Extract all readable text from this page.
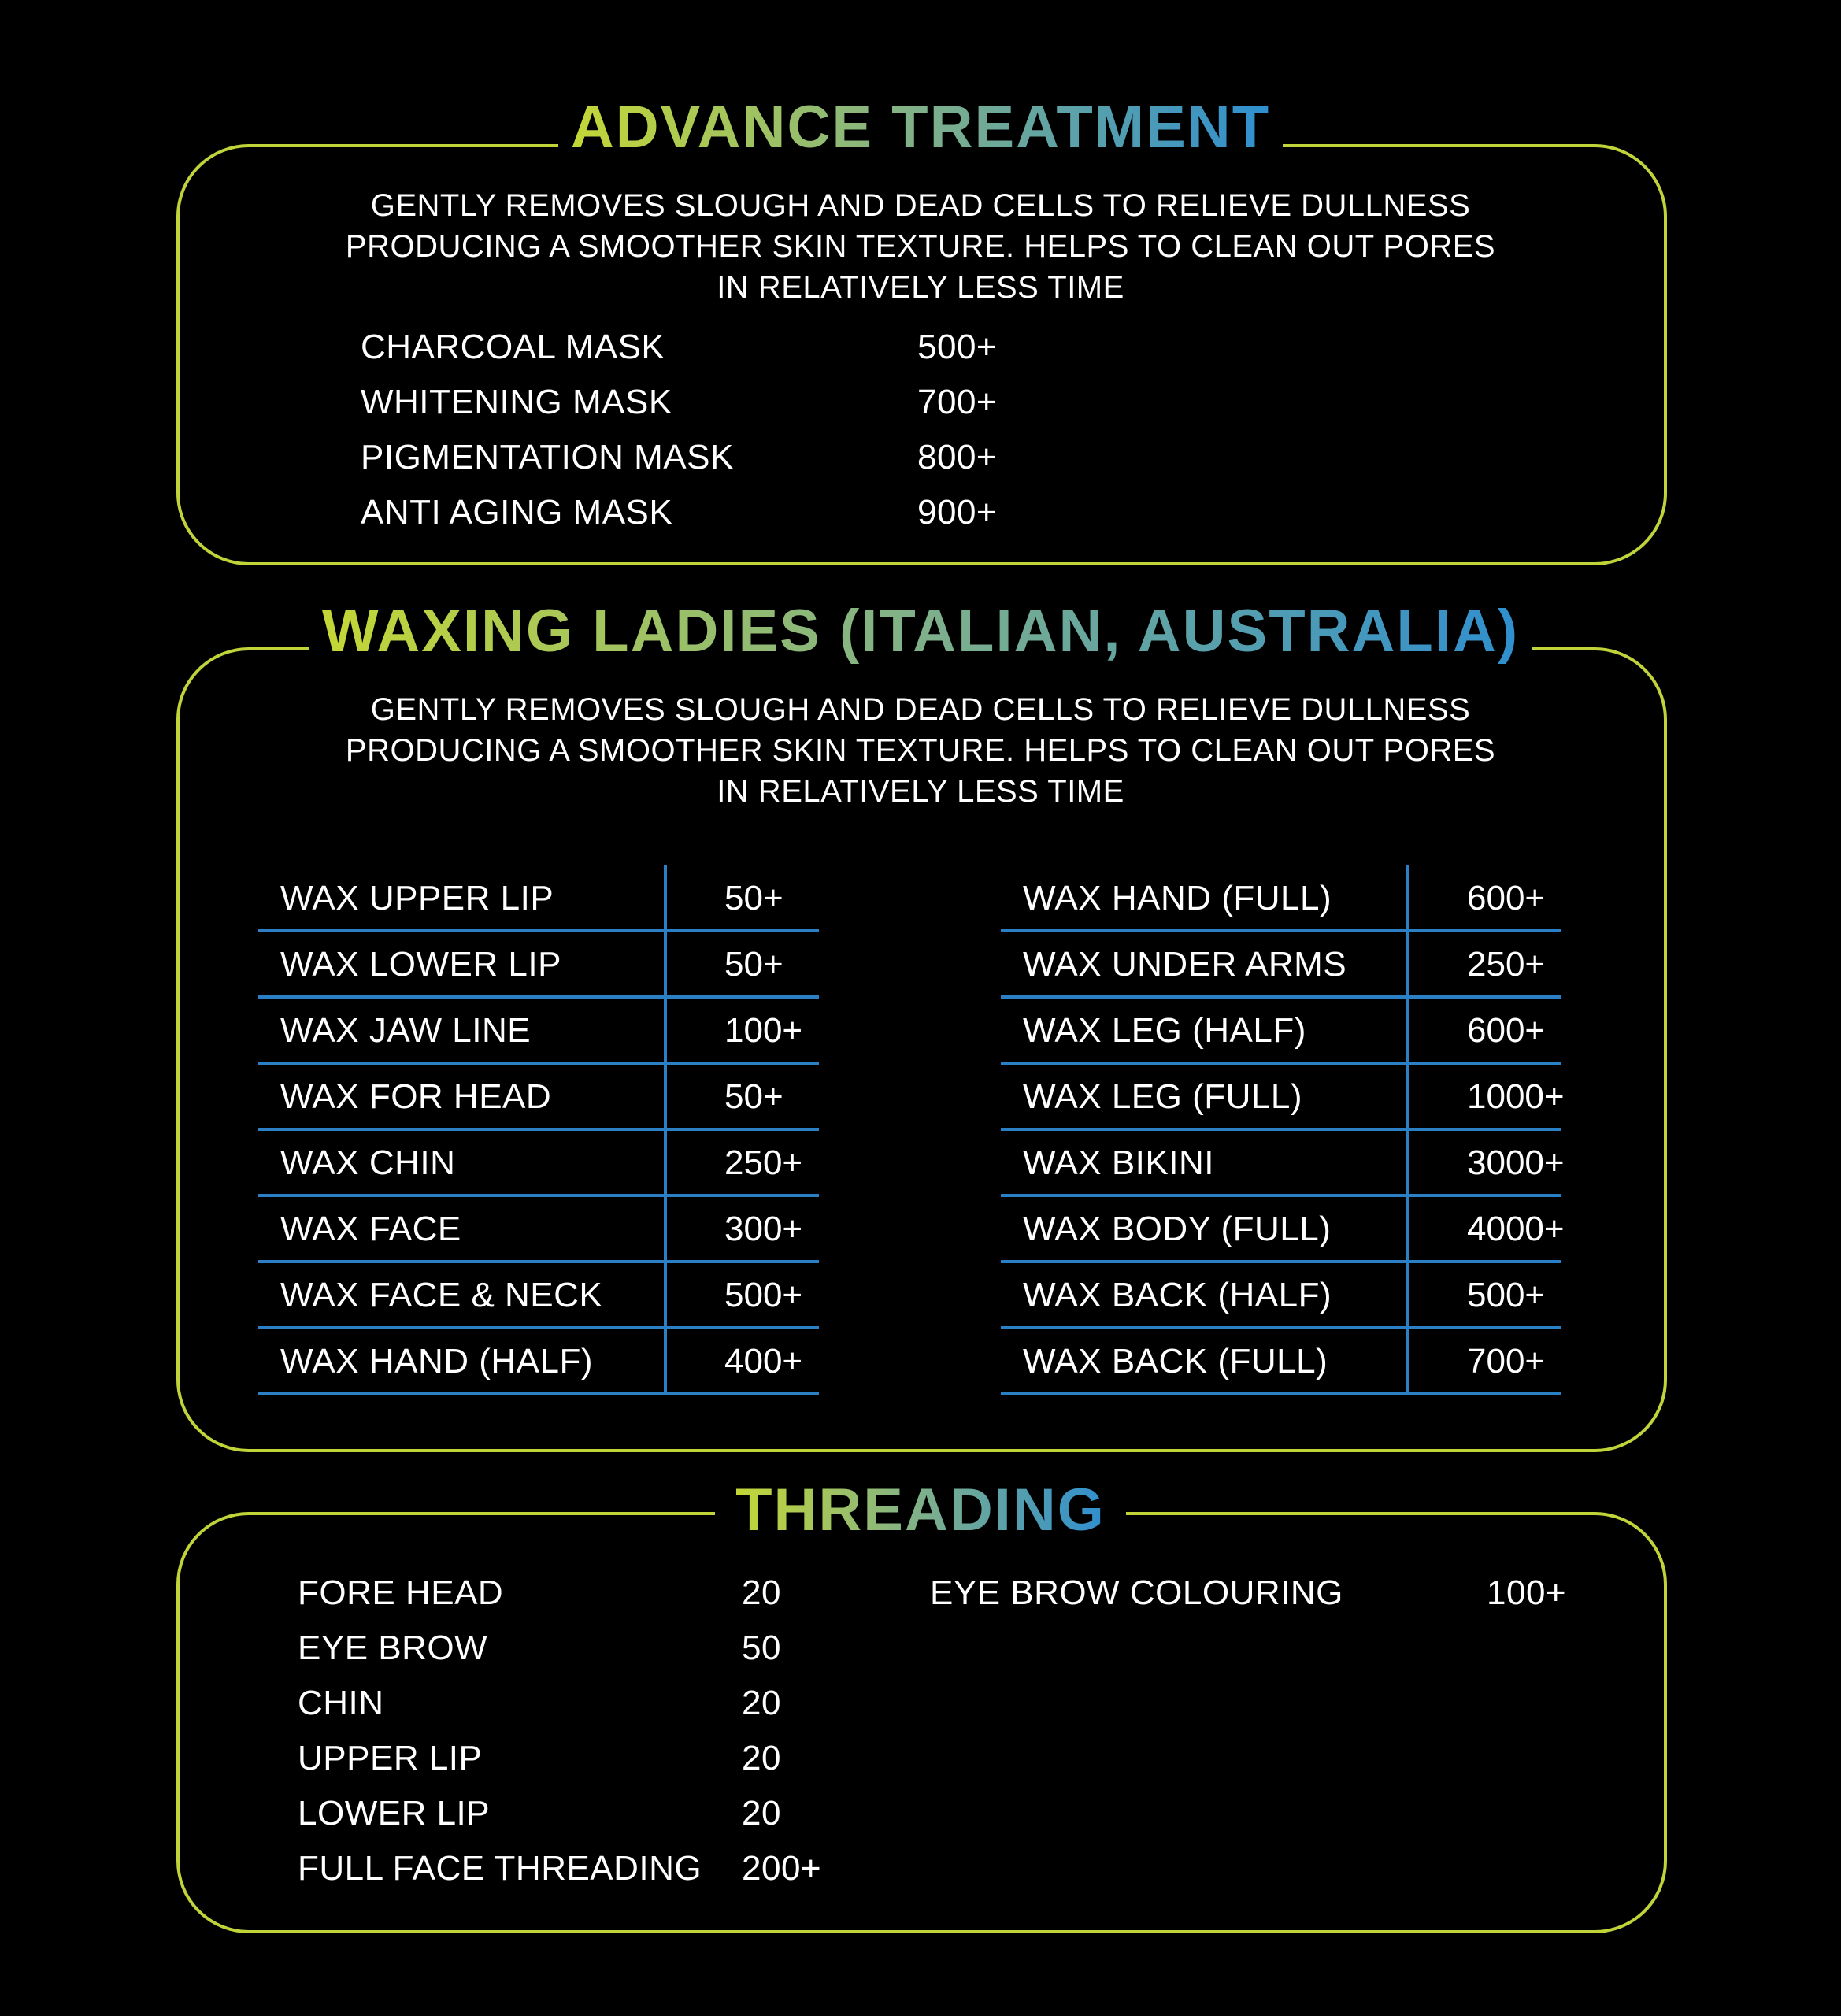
ADVANCE TREATMENT
GENTLY REMOVES SLOUGH AND DEAD CELLS TO RELIEVE DULLNESS
PRODUCING A SMOOTHER SKIN TEXTURE. HELPS TO CLEAN OUT PORES
IN RELATIVELY LESS TIME
CHARCOAL MASK	500+
WHITENING MASK	700+
PIGMENTATION MASK	800+
ANTI AGING MASK	900+
WAXING LADIES (ITALIAN, AUSTRALIA)
GENTLY REMOVES SLOUGH AND DEAD CELLS TO RELIEVE DULLNESS
PRODUCING A SMOOTHER SKIN TEXTURE. HELPS TO CLEAN OUT PORES
IN RELATIVELY LESS TIME
WAX UPPER LIP	50+
WAX LOWER LIP	50+
WAX JAW LINE	100+
WAX FOR HEAD	50+
WAX CHIN	250+
WAX FACE	300+
WAX FACE & NECK	500+
WAX HAND (HALF)	400+
WAX HAND (FULL)	600+
WAX UNDER ARMS	250+
WAX LEG (HALF)	600+
WAX LEG (FULL)	1000+
WAX BIKINI	3000+
WAX BODY (FULL)	4000+
WAX BACK (HALF)	500+
WAX BACK (FULL)	700+
THREADING
FORE HEAD	20
EYE BROW	50
CHIN	20
UPPER LIP	20
LOWER LIP	20
FULL FACE THREADING 200+
EYE BROW COLOURING	100+
